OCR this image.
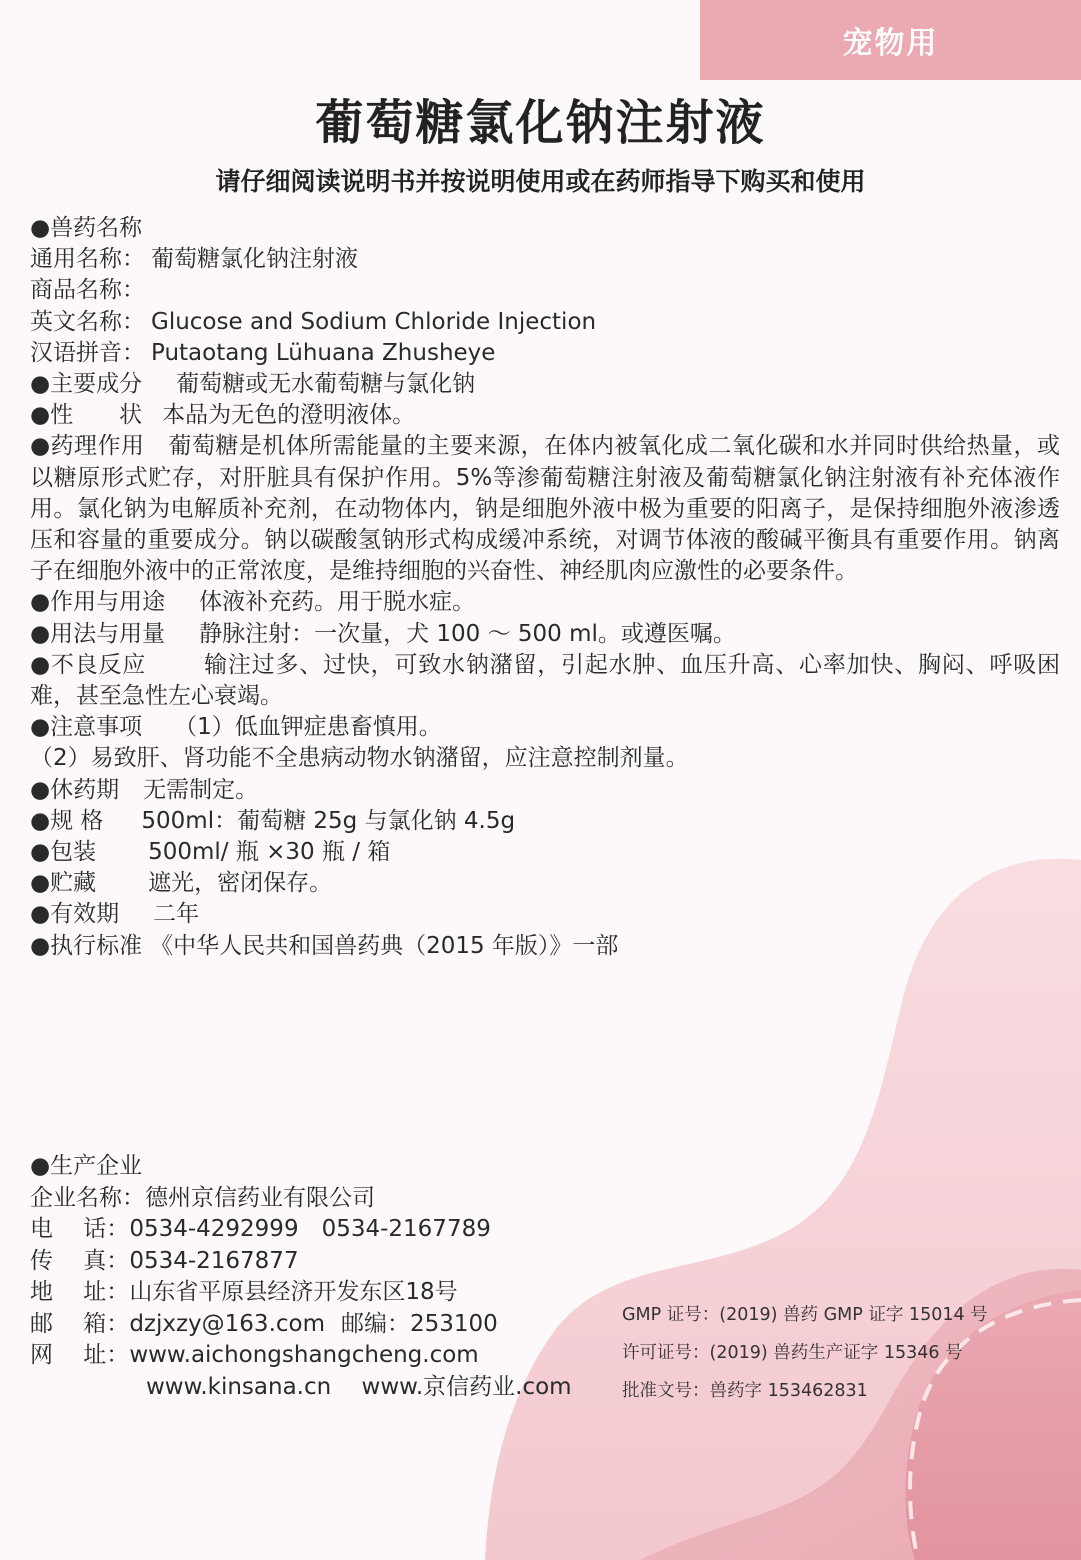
宠物用
葡萄糖氯化钠注射液

请仔细阅读说明书并按说明使用或在药师指导下购买和使用

●兽药名称
通用名称： 葡萄糖氯化钠注射液
商品名称：
英文名称： Glucose and Sodium Chloride Injection
汉语拼音： Putaotang Lühuana Zhusheye
●主要成分 葡萄糖或无水葡萄糖与氯化钠
●性　　状 本品为无色的澄明液体。
●药理作用 葡萄糖是机体所需能量的主要来源，在体内被氧化成二氧化碳和水并同时供给热量，或以糖原形式贮存，对肝脏具有保护作用。5%等渗葡萄糖注射液及葡萄糖氯化钠注射液有补充体液作用。氯化钠为电解质补充剂，在动物体内，钠是细胞外液中极为重要的阳离子，是保持细胞外液渗透压和容量的重要成分。钠以碳酸氢钠形式构成缓冲系统，对调节体液的酸碱平衡具有重要作用。钠离子在细胞外液中的正常浓度，是维持细胞的兴奋性、神经肌肉应激性的必要条件。
●作用与用途 体液补充药。用于脱水症。
●用法与用量 静脉注射：一次量，犬 100 ～ 500 ml。或遵医嘱。
●不良反应	输注过多、过快，可致水钠潴留，引起水肿、血压升高、心率加快、胸闷、呼吸困难，甚至急性左心衰竭。
●注意事项 （1）低血钾症患畜慎用。
（2）易致肝、肾功能不全患病动物水钠潴留，应注意控制剂量。
●休药期 无需制定。
●规 格 500ml：葡萄糖 25g 与氯化钠 4.5g
●包装 500ml/ 瓶 ×30 瓶 / 箱
●贮藏 遮光，密闭保存。
●有效期 二年
●执行标准 《中华人民共和国兽药典（2015 年版）》一部
●生产企业
企业名称：德州京信药业有限公司
电　 话：0534-4292999　0534-2167789
传　 真：0534-2167877
地　 址：山东省平原县经济开发东区18号
邮　 箱：dzjxzy@163.com 邮编：253100
网　 址：www.aichongshangcheng.com
www.kinsana.cn　 www.京信药业.com
GMP 证号：(2019) 兽药 GMP 证字 15014 号
许可证号：(2019) 兽药生产证字 15346 号
批准文号：兽药字 153462831
